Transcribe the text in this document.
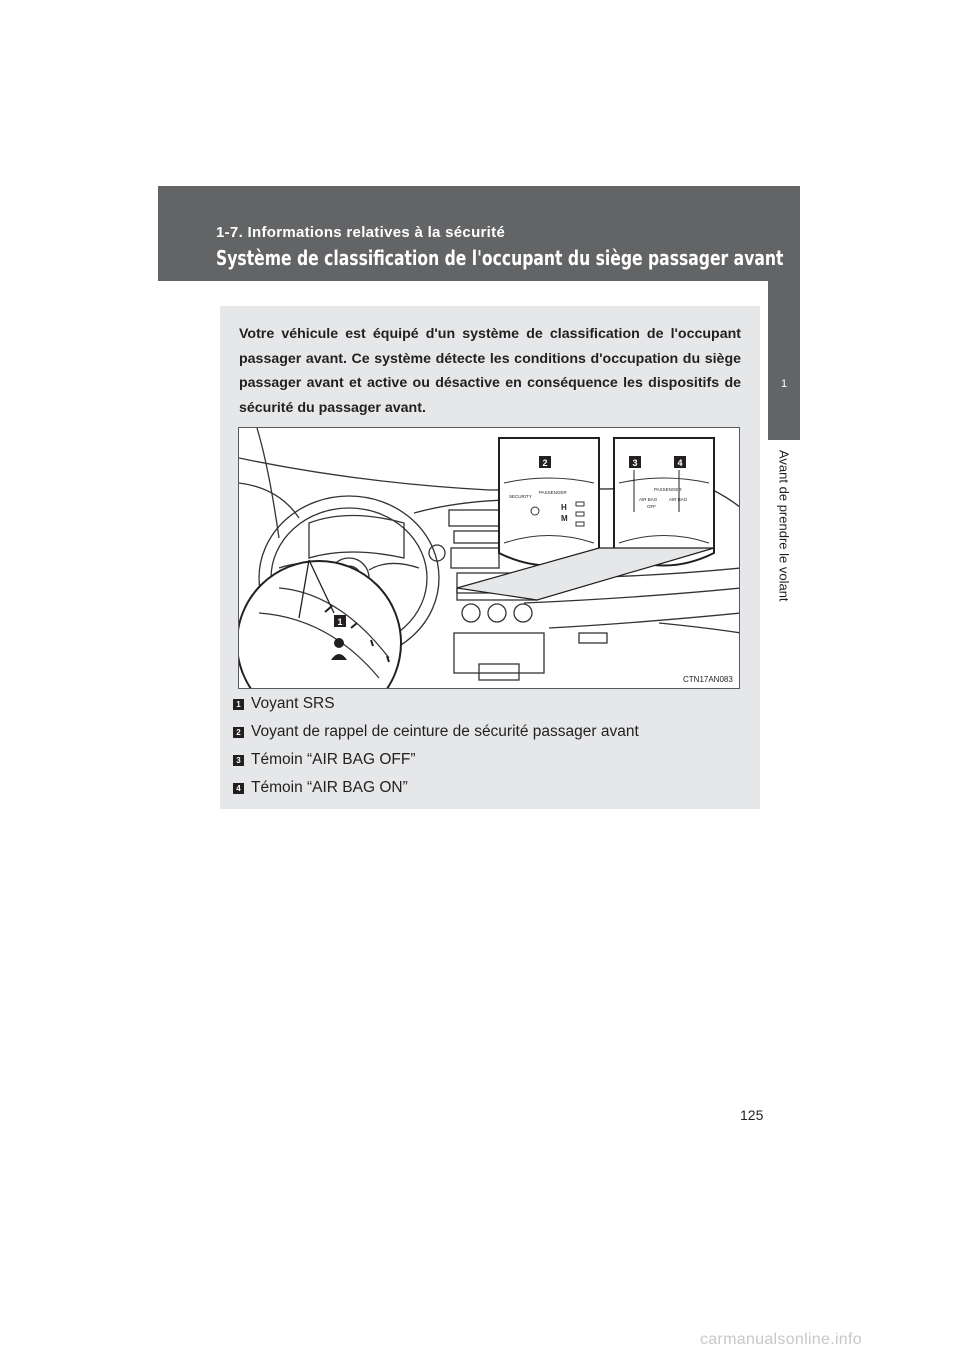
1-7. Informations relatives à la sécurité
Système de classification de l'occupant du siège passager avant
1
Avant de prendre le volant
Votre véhicule est équipé d'un système de classification de l'occupant passager avant. Ce système détecte les conditions d'occupation du siège passager avant et active ou désactive en conséquence les dispositifs de sécurité du passager avant.
1
2	3	4
SECURITY
PASSENGER
AIR BAG
OFF
AIR BAG
PASSENGER
H
M
CTN17AN083
1 Voyant SRS
2 Voyant de rappel de ceinture de sécurité passager avant
3 Témoin “AIR BAG OFF”
4 Témoin “AIR BAG ON”
125
carmanualsonline.info
